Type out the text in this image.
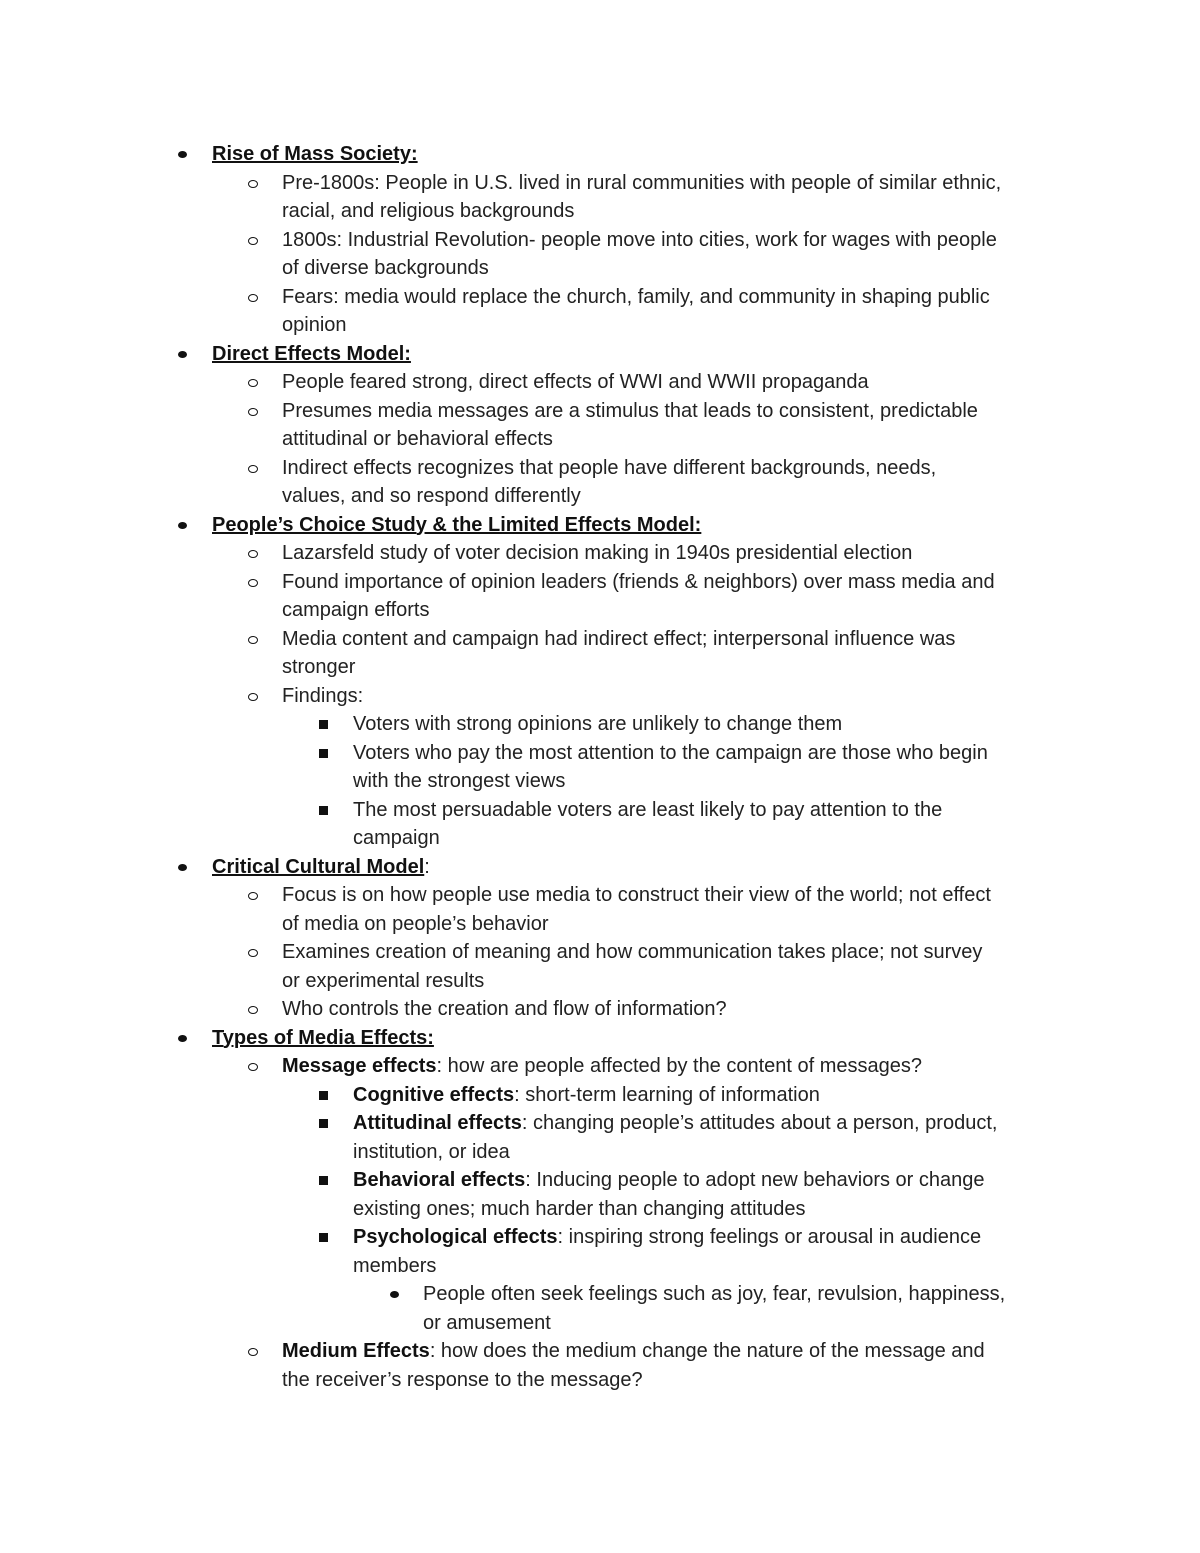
Rise of Mass Society:
Pre-1800s: People in U.S. lived in rural communities with people of similar ethnic,
racial, and religious backgrounds
1800s: Industrial Revolution- people move into cities, work for wages with people
of diverse backgrounds
Fears: media would replace the church, family, and community in shaping public
opinion
Direct Effects Model:
People feared strong, direct effects of WWI and WWII propaganda
Presumes media messages are a stimulus that leads to consistent, predictable
attitudinal or behavioral effects
Indirect effects recognizes that people have different backgrounds, needs,
values, and so respond differently
People’s Choice Study & the Limited Effects Model:
Lazarsfeld study of voter decision making in 1940s presidential election
Found importance of opinion leaders (friends & neighbors) over mass media and
campaign efforts
Media content and campaign had indirect effect; interpersonal influence was
stronger
Findings:
Voters with strong opinions are unlikely to change them
Voters who pay the most attention to the campaign are those who begin
with the strongest views
The most persuadable voters are least likely to pay attention to the
campaign
Critical Cultural Model:
Focus is on how people use media to construct their view of the world; not effect
of media on people’s behavior
Examines creation of meaning and how communication takes place; not survey
or experimental results
Who controls the creation and flow of information?
Types of Media Effects:
Message effects: how are people affected by the content of messages?
Cognitive effects: short-term learning of information
Attitudinal effects: changing people’s attitudes about a person, product,
institution, or idea
Behavioral effects: Inducing people to adopt new behaviors or change
existing ones; much harder than changing attitudes
Psychological effects: inspiring strong feelings or arousal in audience
members
People often seek feelings such as joy, fear, revulsion, happiness,
or amusement
Medium Effects: how does the medium change the nature of the message and
the receiver’s response to the message?
